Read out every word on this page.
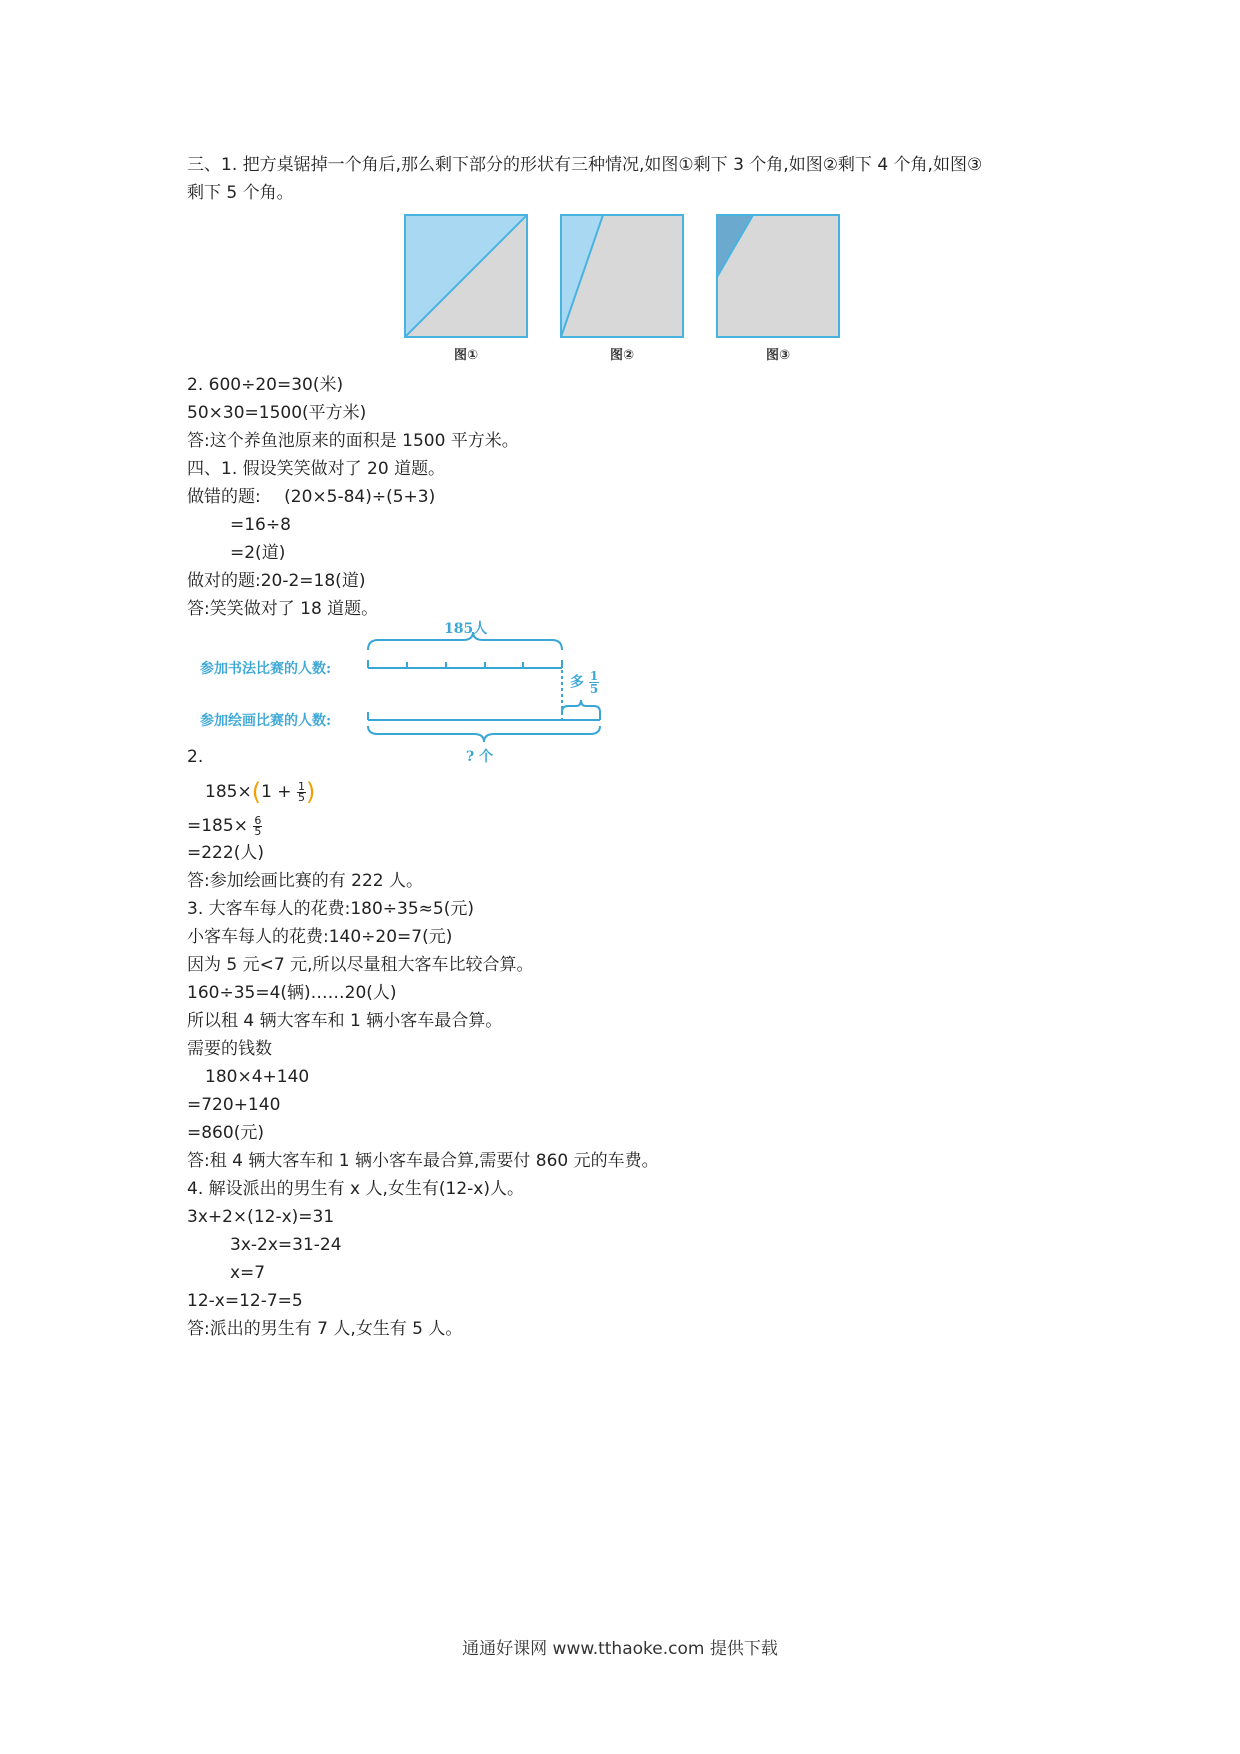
三、1. 把方桌锯掉一个角后,那么剩下部分的形状有三种情况,如图①剩下 3 个角,如图②剩下 4 个角,如图③
剩下 5 个角。
图①	图②	图③
2. 600÷20=30(米)
50×30=1500(平方米)
答:这个养鱼池原来的面积是 1500 平方米。
四、1. 假设笑笑做对了 20 道题。
做错的题: (20×5-84)÷(5+3)
=16÷8
=2(道)
做对的题:20-2=18(道)
答:笑笑做对了 18 道题。
185人
参加书法比赛的人数:
参加绘画比赛的人数:
多 $\frac{1}{5}$
? 个
2.
$185\times(1 + \frac{1}{5}$ )
$=185\times \frac{6}{5}$
=222(人)
答:参加绘画比赛的有 222 人。
3. 大客车每人的花费:180÷35≈5(元)
小客车每人的花费:140÷20=7(元)
因为 5 元<7 元,所以尽量租大客车比较合算。
160÷35=4(辆)……20(人)
所以租 4 辆大客车和 1 辆小客车最合算。
需要的钱数
180×4+140
=720+140
=860(元)
答:租 4 辆大客车和 1 辆小客车最合算,需要付 860 元的车费。
4. 解设派出的男生有 x 人,女生有(12-x)人。
3x+2×(12-x)=31
3x-2x=31-24
x=7
12-x=12-7=5
答:派出的男生有 7 人,女生有 5 人。
通通好课网 www.tthaoke.com 提供下载
